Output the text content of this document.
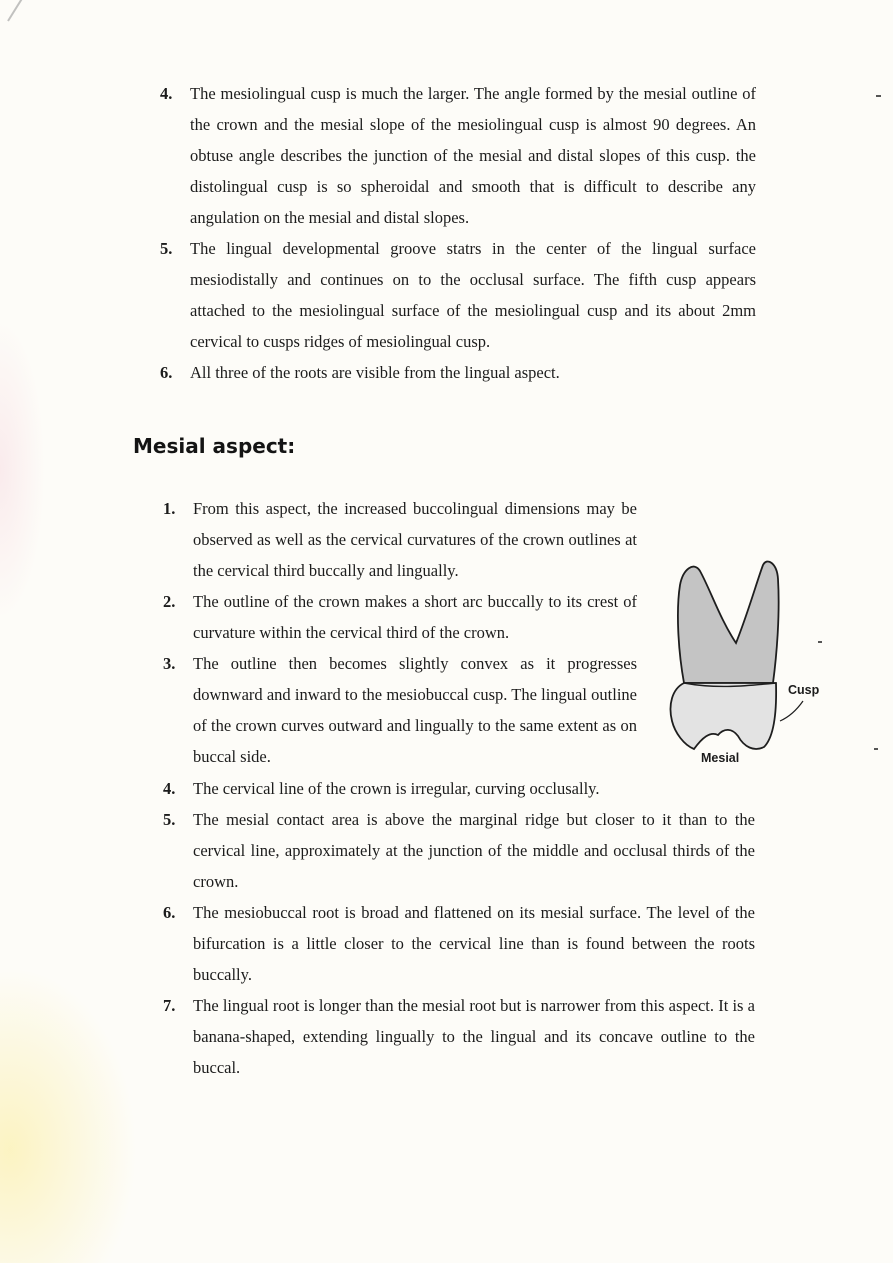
4. The mesiolingual cusp is much the larger. The angle formed by the mesial outline of the crown and the mesial slope of the mesiolingual cusp is almost 90 degrees. An obtuse angle describes the junction of the mesial and distal slopes of this cusp. the distolingual cusp is so spheroidal and smooth that is difficult to describe any angulation on the mesial and distal slopes.
5. The lingual developmental groove statrs in the center of the lingual surface mesiodistally and continues on to the occlusal surface. The fifth cusp appears attached to the mesiolingual surface of the mesiolingual cusp and its about 2mm cervical to cusps ridges of mesiolingual cusp.
6. All three of the roots are visible from the lingual aspect.
Mesial aspect:
1. From this aspect, the increased buccolingual dimensions may be observed as well as the cervical curvatures of the crown outlines at the cervical third buccally and lingually.
2. The outline of the crown makes a short arc buccally to its crest of curvature within the cervical third of the crown.
3. The outline then becomes slightly convex as it progresses downward and inward to the mesiobuccal cusp. The lingual outline of the crown curves outward and lingually to the same extent as on buccal side.

Cusp

Mesial

4. The cervical line of the crown is irregular, curving occlusally.
5. The mesial contact area is above the marginal ridge but closer to it than to the cervical line, approximately at the junction of the middle and occlusal thirds of the crown.
6. The mesiobuccal root is broad and flattened on its mesial surface. The level of the bifurcation is a little closer to the cervical line than is found between the roots buccally.
7. The lingual root is longer than the mesial root but is narrower from this aspect. It is a banana-shaped, extending lingually to the lingual and its concave outline to the buccal.
